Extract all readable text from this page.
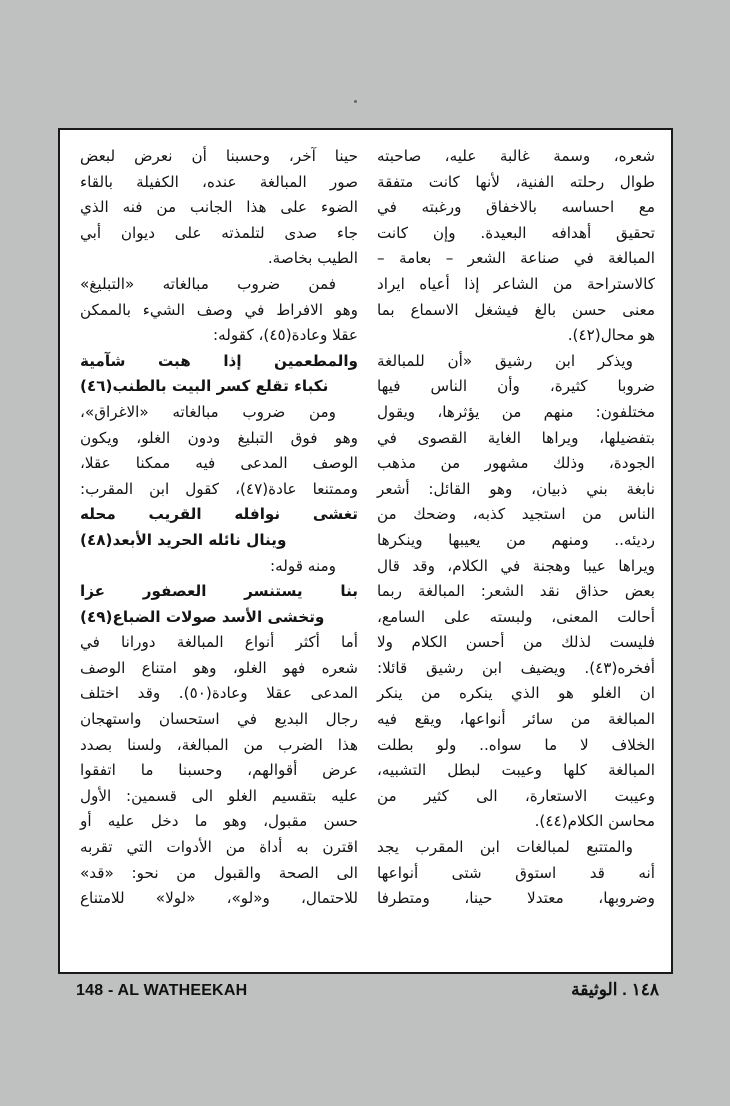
شعره، وسمة غالبة عليه، صاحبته

طوال رحلته الفنية، لأنها كانت متفقة

مع احساسه بالاخفاق ورغبته في

تحقيق أهدافه البعيدة. وإن كانت

المبالغة في صناعة الشعر – بعامة –

كالاستراحة من الشاعر إذا أعياه ايراد

معنى حسن بالغ فيشغل الاسماع بما

هو محال(٤٢).

ويذكر ابن رشيق «أن للمبالغة

ضروبا كثيرة، وأن الناس فيها

مختلفون: منهم من يؤثرها، ويقول

بتفضيلها، ويراها الغاية القصوى في

الجودة، وذلك مشهور من مذهب

نابغة بني ذبيان، وهو القائل: أشعر

الناس من استجيد كذبه، وضحك من

رديئه.. ومنهم من يعيبها وينكرها

ويراها عيبا وهجنة في الكلام، وقد قال

بعض حذاق نقد الشعر: المبالغة ربما

أحالت المعنى، ولبسته على السامع،

فليست لذلك من أحسن الكلام ولا

أفخره(٤٣). ويضيف ابن رشيق قائلا:

ان الغلو هو الذي ينكره من ينكر

المبالغة من سائر أنواعها، ويقع فيه

الخلاف لا ما سواه.. ولو بطلت

المبالغة كلها وعيبت لبطل التشبيه،

وعيبت الاستعارة، الى كثير من

محاسن الكلام(٤٤).

والمتتبع لمبالغات ابن المقرب يجد

أنه قد استوق شتى أنواعها

وضروبها، معتدلا حينا، ومتطرفا

حينا آخر، وحسبنا أن نعرض لبعض

صور المبالغة عنده، الكفيلة بالقاء

الضوء على هذا الجانب من فنه الذي

جاء صدى لتلمذته على ديوان أبي

الطيب بخاصة.

فمن ضروب مبالغاته «التبليغ»

وهو الافراط في وصف الشيء بالممكن

عقلا وعادة(٤٥)، كقوله:

والمطعمين إذا هبت شآمية

نكباء تقلع كسر البيت بالطنب(٤٦)

ومن ضروب مبالغاته «الاغراق»،

وهو فوق التبليغ ودون الغلو، ويكون

الوصف المدعى فيه ممكنا عقلا،

وممتنعا عادة(٤٧)، كقول ابن المقرب:

تغشى نوافله القريب محله

وينال نائله الحريد الأبعد(٤٨)

ومنه قوله:

بنا يستنسر العصفور عزا

وتخشى الأسد صولات الضباع(٤٩)

أما أكثر أنواع المبالغة دورانا في

شعره فهو الغلو، وهو امتناع الوصف

المدعى عقلا وعادة(٥٠). وقد اختلف

رجال البديع في استحسان واستهجان

هذا الضرب من المبالغة، ولسنا بصدد

عرض أقوالهم، وحسبنا ما اتفقوا

عليه بتقسيم الغلو الى قسمين: الأول

حسن مقبول، وهو ما دخل عليه أو

اقترن به أداة من الأدوات التي تقربه

الى الصحة والقبول من نحو: «قد»

للاحتمال، و«لو»، «لولا» للامتناع

148 - AL WATHEEKAH	١٤٨ . الوثيقة
